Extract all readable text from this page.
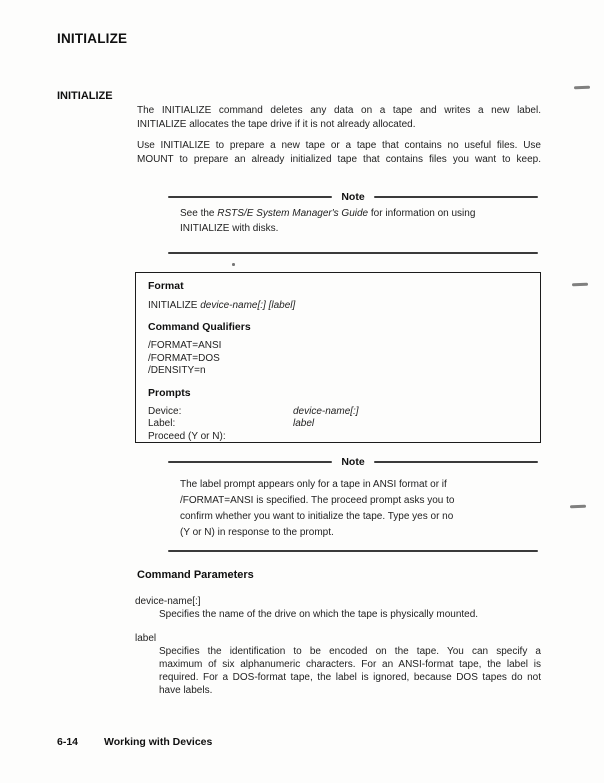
INITIALIZE
INITIALIZE
The INITIALIZE command deletes any data on a tape and writes a new label.
INITIALIZE allocates the tape drive if it is not already allocated.
Use INITIALIZE to prepare a new tape or a tape that contains no useful files. Use
MOUNT to prepare an already initialized tape that contains files you want to keep.
Note
See the RSTS/E System Manager's Guide for information on using
INITIALIZE with disks.
Format
INITIALIZE device-name[:] [label]
Command Qualifiers
/FORMAT=ANSI
/FORMAT=DOS
/DENSITY=n
Prompts
Device:	device-name[:]
Label:	label
Proceed (Y or N):
Note
The label prompt appears only for a tape in ANSI format or if
/FORMAT=ANSI is specified. The proceed prompt asks you to
confirm whether you want to initialize the tape. Type yes or no
(Y or N) in response to the prompt.
Command Parameters
device-name[:]
Specifies the name of the drive on which the tape is physically mounted.
label
Specifies the identification to be encoded on the tape. You can specify a
maximum of six alphanumeric characters. For an ANSI-format tape, the label is
required. For a DOS-format tape, the label is ignored, because DOS tapes do not
have labels.
6-14 Working with Devices
